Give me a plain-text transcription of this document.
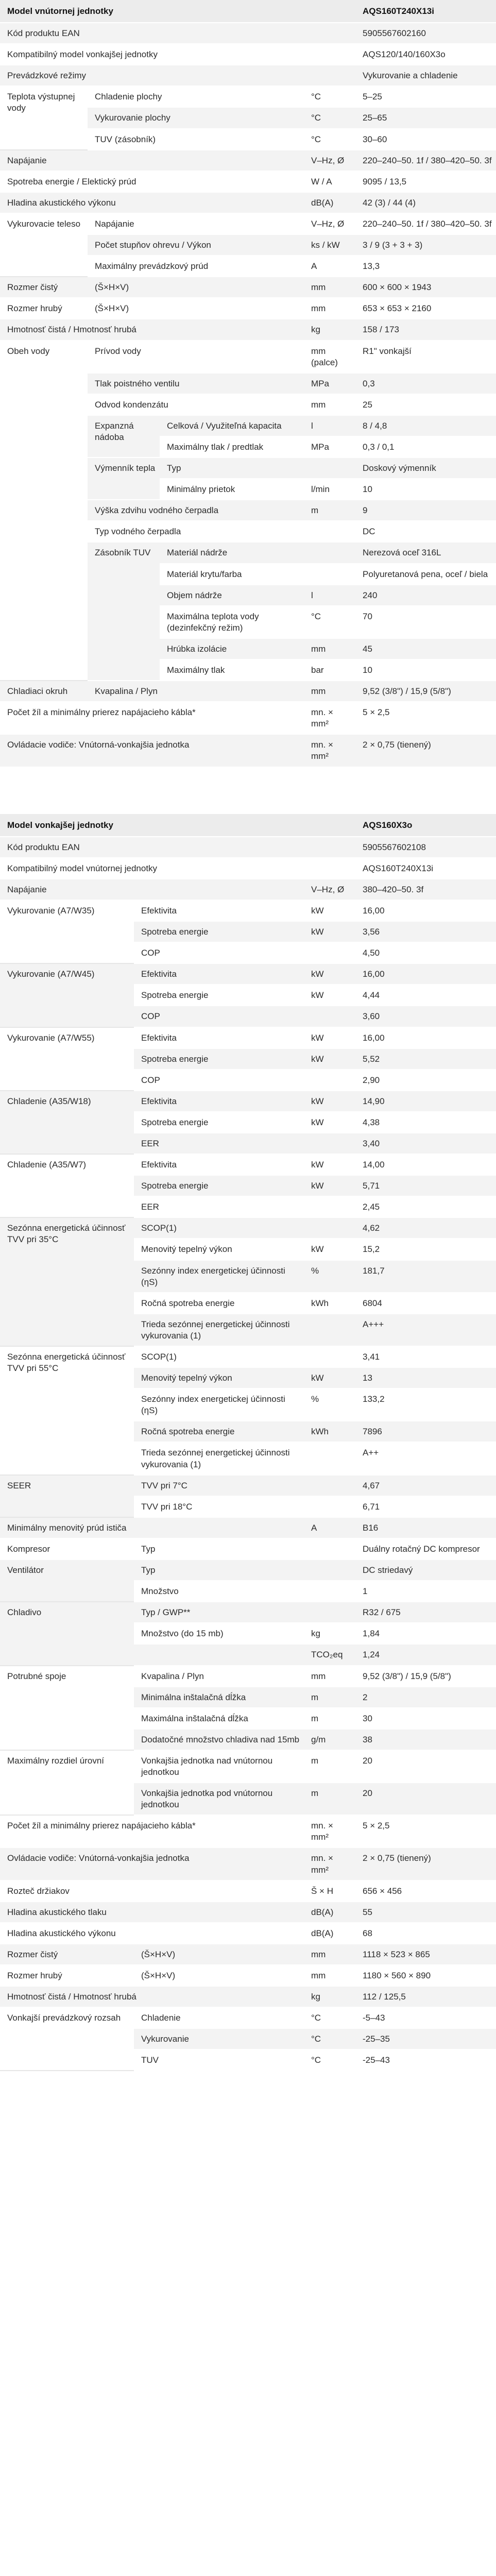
Model vnútornej jednotky				AQS160T240X13i
Kód produktu EAN				5905567602160
Kompatibilný model vonkajšej jednotky				AQS120/140/160X3o
Prevádzkové režimy				Vykurovanie a chladenie
Teplota výstupnej vody	Chladenie plochy		°C	5–25
	Vykurovanie plochy		°C	25–65
	TUV (zásobník)		°C	30–60
Napájanie			V–Hz, Ø	220–240–50. 1f / 380–420–50. 3f
Spotreba energie / Elektický prúd			W / A	9095 / 13,5
Hladina akustického výkonu			dB(A)	42 (3) / 44 (4)
Vykurovacie teleso	Napájanie		V–Hz, Ø	220–240–50. 1f / 380–420–50. 3f
	Počet stupňov ohrevu / Výkon		ks / kW	3 / 9 (3 + 3 + 3)
	Maximálny prevádzkový prúd		A	13,3
Rozmer čistý	(Š×H×V)		mm	600 × 600 × 1943
Rozmer hrubý	(Š×H×V)		mm	653 × 653 × 2160
Hmotnosť čistá / Hmotnosť hrubá			kg	158 / 173
Obeh vody	Prívod vody		mm (palce)	R1" vonkajší
	Tlak poistného ventilu		MPa	0,3
	Odvod kondenzátu		mm	25
	Expanzná nádoba	Celková / Využiteľná kapacita	l	8 / 4,8
		Maximálny tlak / predtlak	MPa	0,3 / 0,1
	Výmenník tepla	Typ		Doskový výmenník
		Minimálny prietok	l/min	10
	Výška zdvihu vodného čerpadla		m	9
	Typ vodného čerpadla			DC
	Zásobník TUV	Materiál nádrže		Nerezová oceľ 316L
		Materiál krytu/farba		Polyuretanová pena, oceľ / biela
		Objem nádrže	l	240
		Maximálna teplota vody (dezinfekčný režim)	°C	70
		Hrúbka izolácie	mm	45
		Maximálny tlak	bar	10
Chladiaci okruh	Kvapalina / Plyn		mm	9,52 (3/8") / 15,9 (5/8")
Počet žíl a minimálny prierez napájacieho kábla*			mn. × mm²	5 × 2,5
Ovládacie vodiče: Vnútorná-vonkajšia jednotka			mn. × mm²	2 × 0,75 (tienený)
Model vonkajšej jednotky			AQS160X3o
Kód produktu EAN			5905567602108
Kompatibilný model vnútornej jednotky			AQS160T240X13i
Napájanie		V–Hz, Ø	380–420–50. 3f
Vykurovanie (A7/W35)	Efektivita	kW	16,00
	Spotreba energie	kW	3,56
	COP		4,50
Vykurovanie (A7/W45)	Efektivita	kW	16,00
	Spotreba energie	kW	4,44
	COP		3,60
Vykurovanie (A7/W55)	Efektivita	kW	16,00
	Spotreba energie	kW	5,52
	COP		2,90
Chladenie (A35/W18)	Efektivita	kW	14,90
	Spotreba energie	kW	4,38
	EER		3,40
Chladenie (A35/W7)	Efektivita	kW	14,00
	Spotreba energie	kW	5,71
	EER		2,45
Sezónna energetická účinnosť TVV pri 35°C	SCOP(1)		4,62
	Menovitý tepelný výkon	kW	15,2
	Sezónny index energetickej účinnosti (ηS)	%	181,7
	Ročná spotreba energie	kWh	6804
	Trieda sezónnej energetickej účinnosti vykurovania (1)		A+++
Sezónna energetická účinnosť TVV pri 55°C	SCOP(1)		3,41
	Menovitý tepelný výkon	kW	13
	Sezónny index energetickej účinnosti (ηS)	%	133,2
	Ročná spotreba energie	kWh	7896
	Trieda sezónnej energetickej účinnosti vykurovania (1)		A++
SEER	TVV pri 7°C		4,67
	TVV pri 18°C		6,71
Minimálny menovitý prúd ističa		A	B16
Kompresor	Typ		Duálny rotačný DC kompresor
Ventilátor	Typ		DC striedavý
	Množstvo		1
Chladivo	Typ / GWP**		R32 / 675
	Množstvo (do 15 mb)	kg	1,84
		TCO₂eq	1,24
Potrubné spoje	Kvapalina / Plyn	mm	9,52 (3/8") / 15,9 (5/8")
	Minimálna inštalačná dĺžka	m	2
	Maximálna inštalačná dĺžka	m	30
	Dodatočné množstvo chladiva nad 15mb	g/m	38
Maximálny rozdiel úrovní	Vonkajšia jednotka nad vnútornou jednotkou	m	20
	Vonkajšia jednotka pod vnútornou jednotkou	m	20
Počet žíl a minimálny prierez napájacieho kábla*		mn. × mm²	5 × 2,5
Ovládacie vodiče: Vnútorná-vonkajšia jednotka		mn. × mm²	2 × 0,75 (tienený)
Rozteč držiakov		Š × H	656 × 456
Hladina akustického tlaku		dB(A)	55
Hladina akustického výkonu		dB(A)	68
Rozmer čistý	(Š×H×V)	mm	1118 × 523 × 865
Rozmer hrubý	(Š×H×V)	mm	1180 × 560 × 890
Hmotnosť čistá / Hmotnosť hrubá		kg	112 / 125,5
Vonkajší prevádzkový rozsah	Chladenie	°C	-5–43
	Vykurovanie	°C	-25–35
	TUV	°C	-25–43
